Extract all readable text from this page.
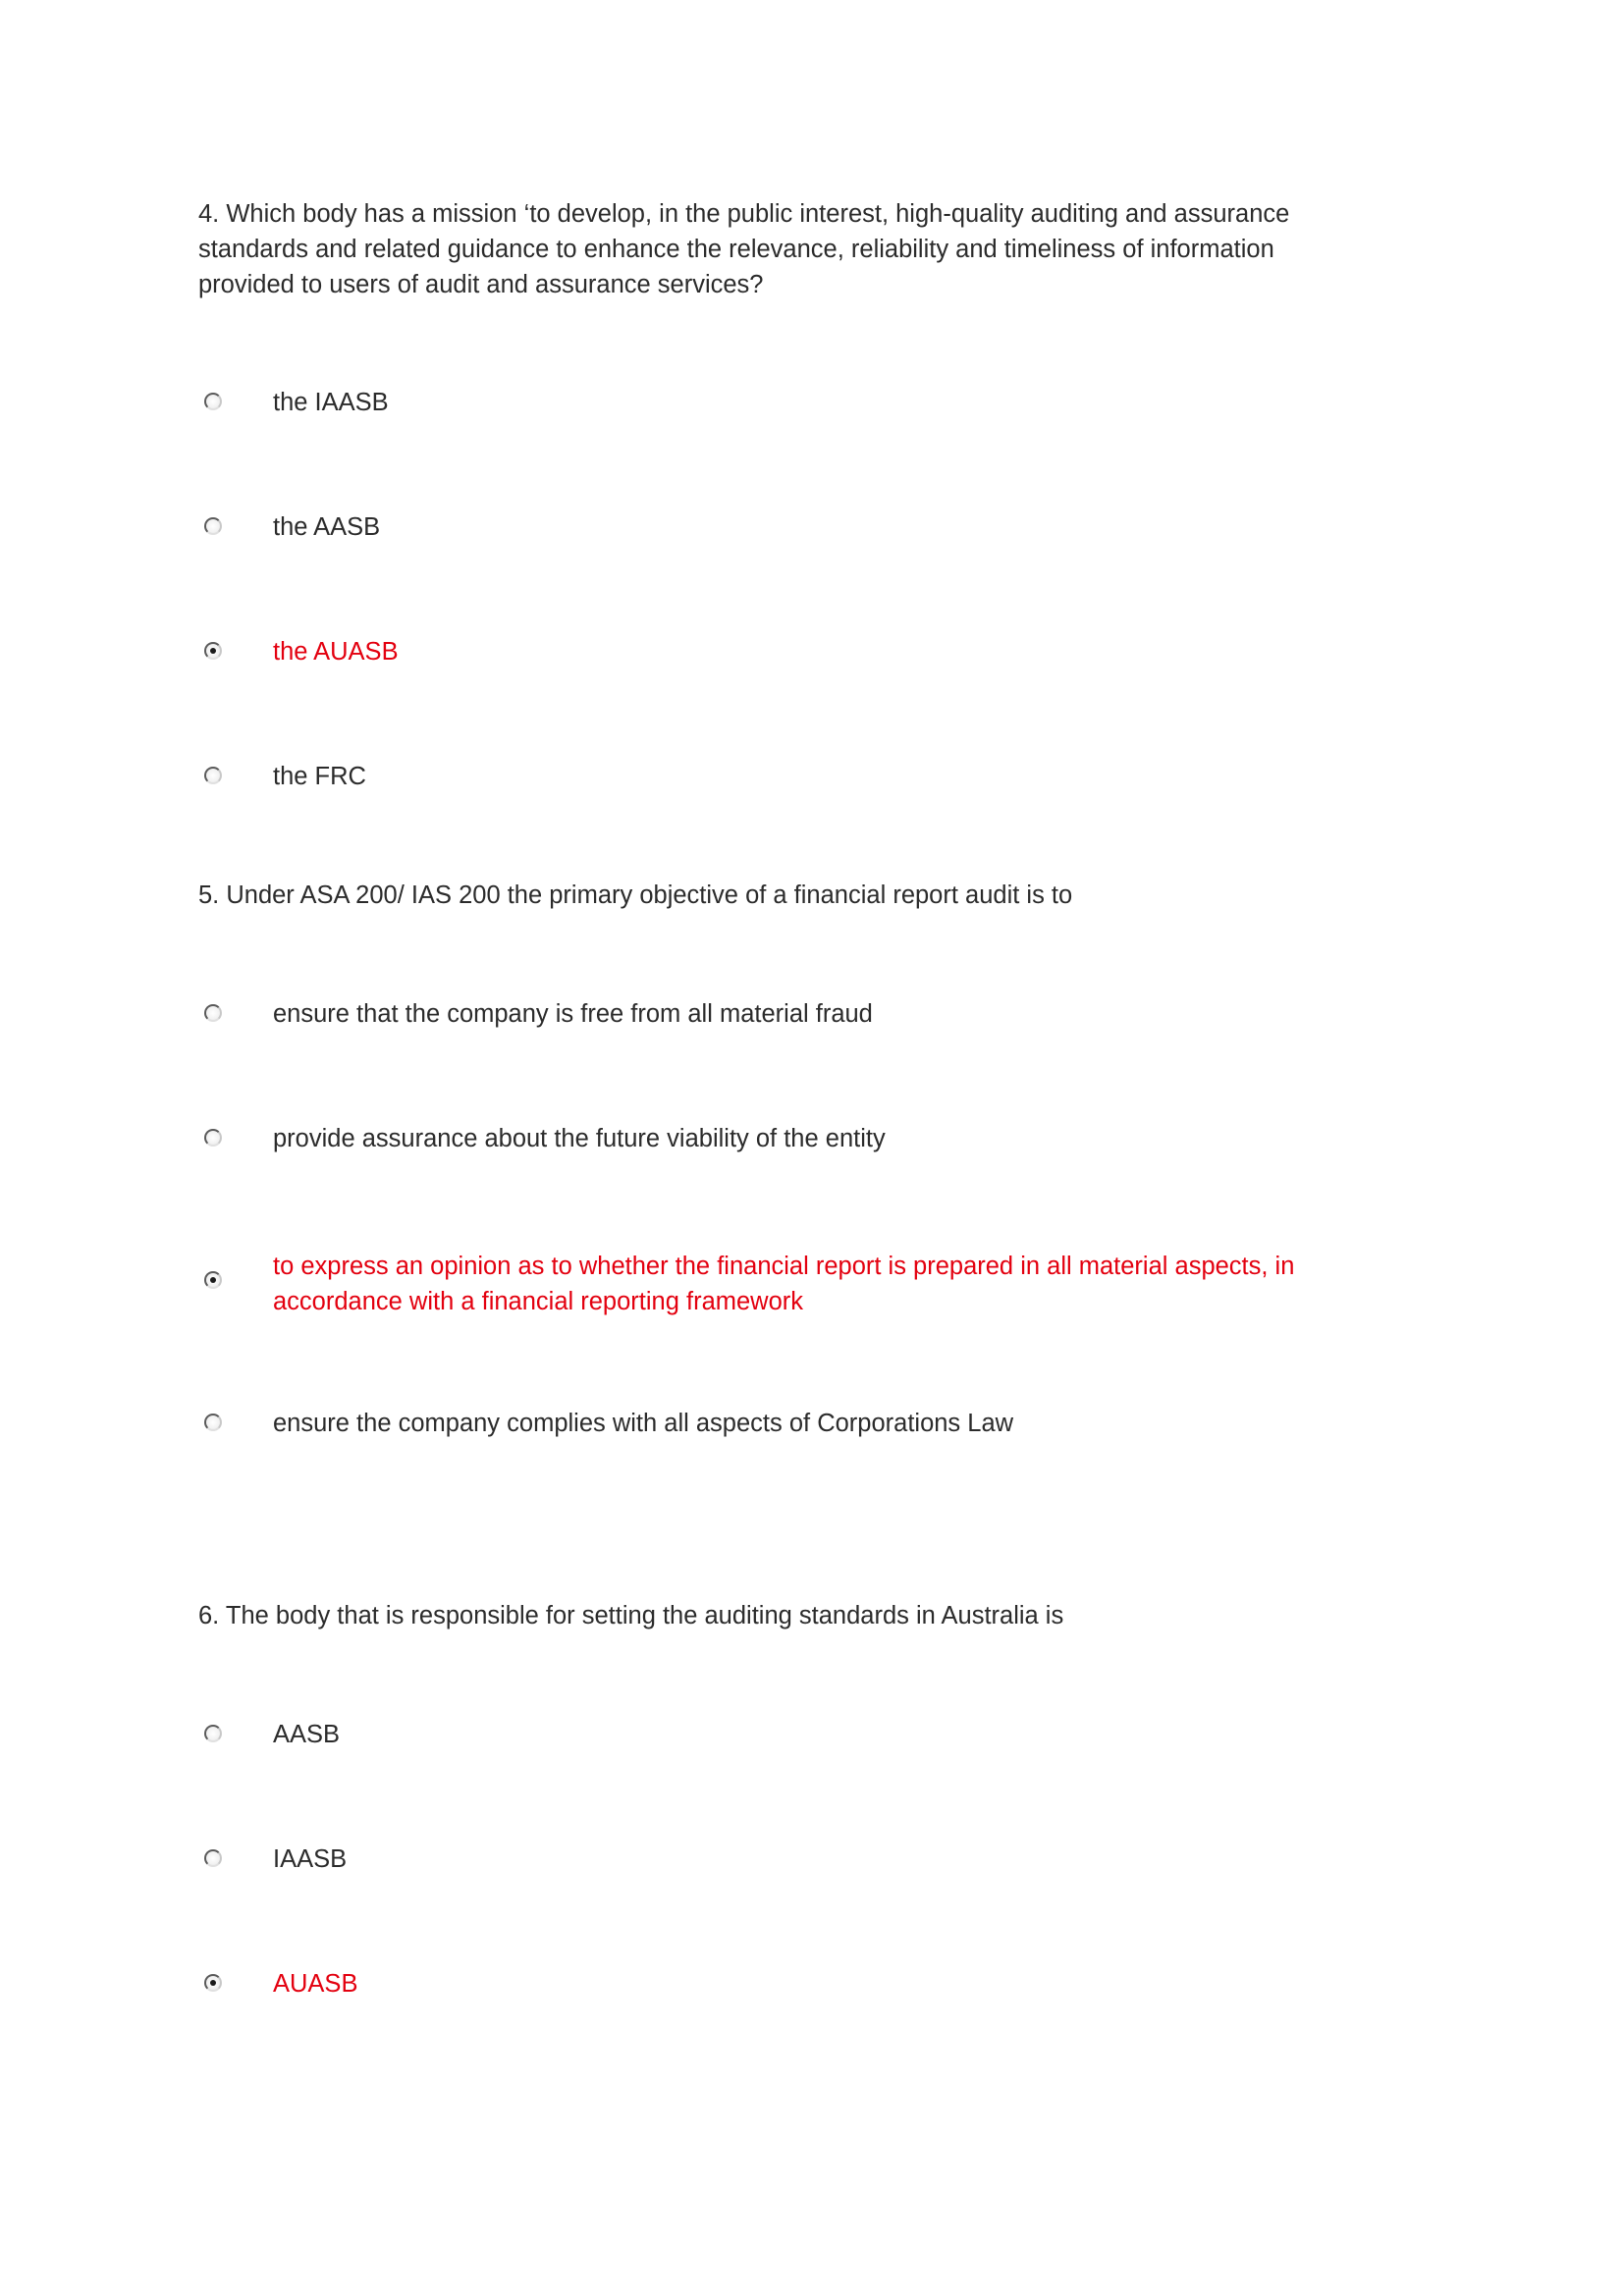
4. Which body has a mission ‘to develop, in the public interest, high-quality auditing and assurance standards and related guidance to enhance the relevance, reliability and timeliness of information provided to users of audit and assurance services?
the IAASB
the AASB
the AUASB
the FRC
5. Under ASA 200/ IAS 200 the primary objective of a financial report audit is to
ensure that the company is free from all material fraud
provide assurance about the future viability of the entity
to express an opinion as to whether the financial report is prepared in all material aspects, in accordance with a financial reporting framework
ensure the company complies with all aspects of Corporations Law
6. The body that is responsible for setting the auditing standards in Australia is
AASB
IAASB
AUASB
